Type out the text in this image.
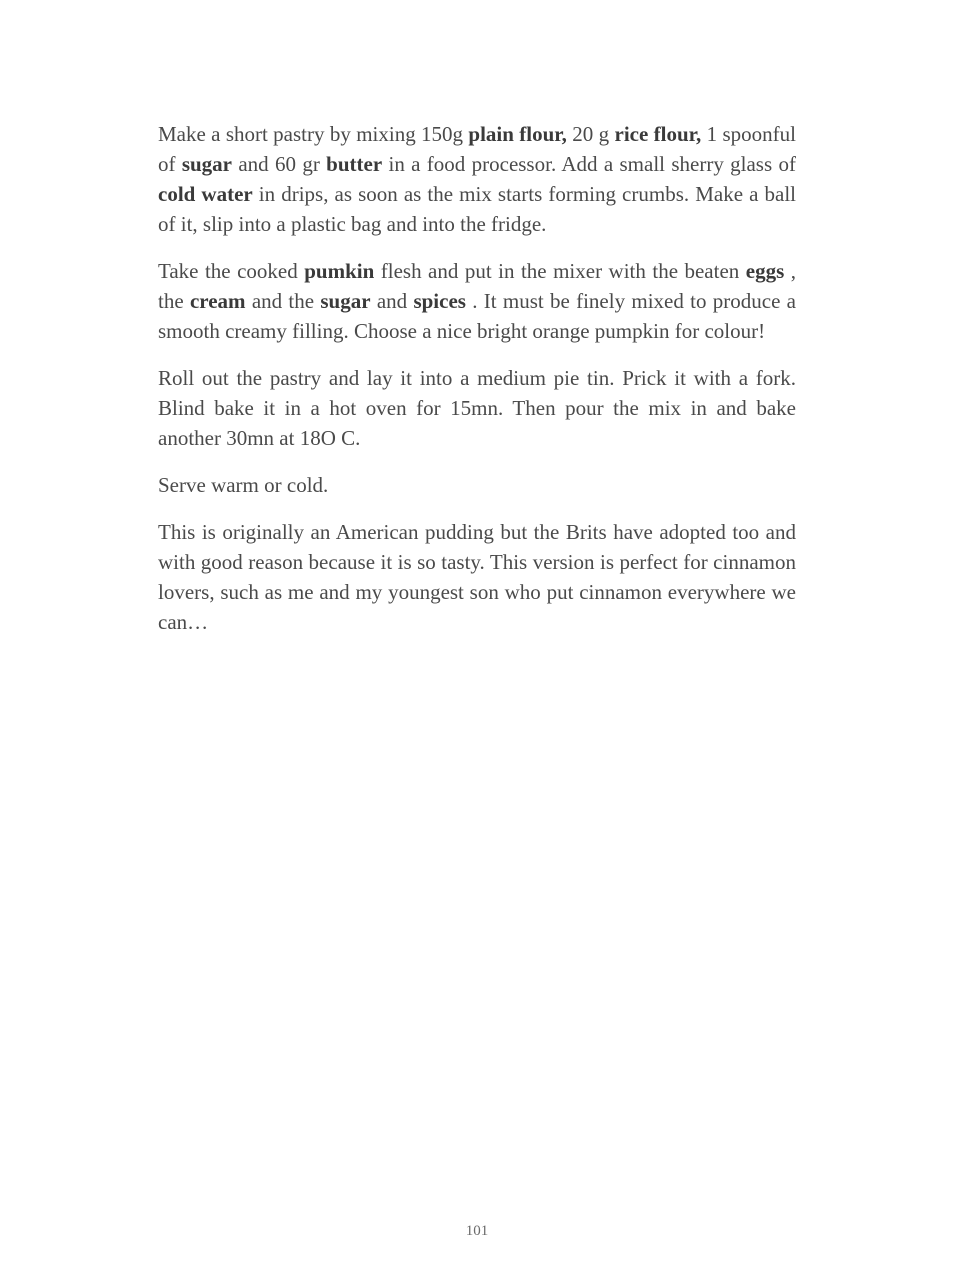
Make a short pastry by mixing 150g plain flour, 20 g rice flour, 1 spoonful of sugar and 60 gr butter in a food processor. Add a small sherry glass of cold water in drips, as soon as the mix starts forming crumbs. Make a ball of it, slip into a plastic bag and into the fridge.

Take the cooked pumkin flesh and put in the mixer with the beaten eggs , the cream and the sugar and spices . It must be finely mixed to produce a smooth creamy filling. Choose a nice bright orange pumpkin for colour!

Roll out the pastry and lay it into a medium pie tin. Prick it with a fork. Blind bake it in a hot oven for 15mn. Then pour the mix in and bake another 30mn at 18O C.

Serve warm or cold.

This is originally an American pudding but the Brits have adopted too and with good reason because it is so tasty. This version is perfect for cinnamon lovers, such as me and my youngest son who put cinnamon everywhere we can…

101
